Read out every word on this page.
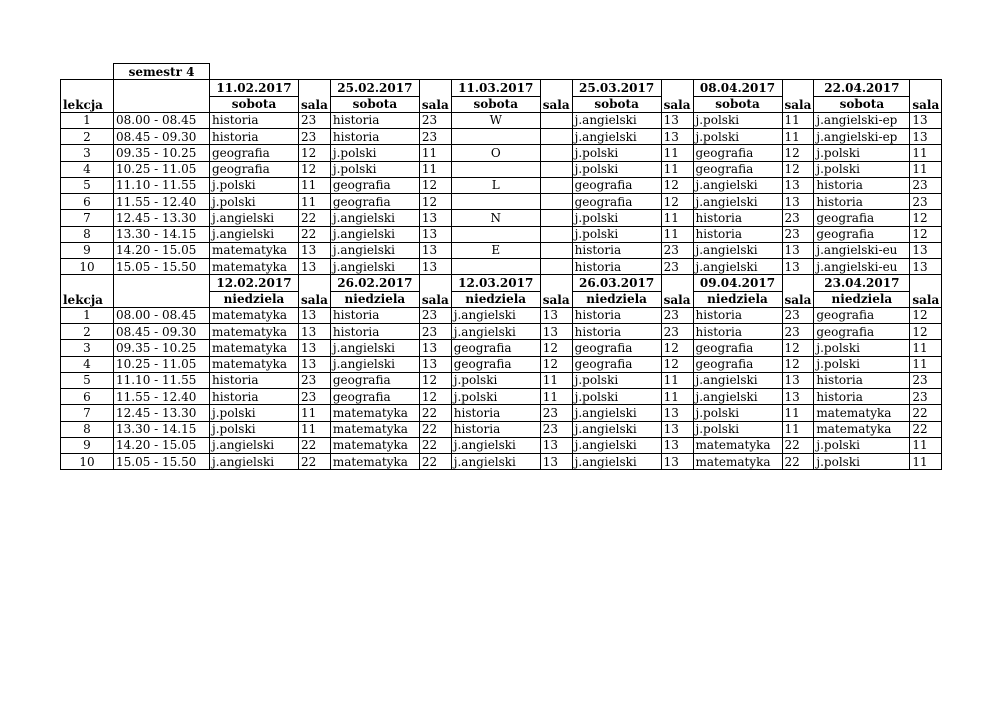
	semestr 4												
lekcja		11.02.2017	sala	25.02.2017	sala	11.03.2017	sala	25.03.2017	sala	08.04.2017	sala	22.04.2017	sala
		sobota		sobota		sobota		sobota		sobota		sobota	
1	08.00 - 08.45	historia	23	historia	23	W		j.angielski	13	j.polski	11	j.angielski-ep	13
2	08.45 - 09.30	historia	23	historia	23			j.angielski	13	j.polski	11	j.angielski-ep	13
3	09.35 - 10.25	geografia	12	j.polski	11	O		j.polski	11	geografia	12	j.polski	11
4	10.25 - 11.05	geografia	12	j.polski	11			j.polski	11	geografia	12	j.polski	11
5	11.10 - 11.55	j.polski	11	geografia	12	L		geografia	12	j.angielski	13	historia	23
6	11.55 - 12.40	j.polski	11	geografia	12			geografia	12	j.angielski	13	historia	23
7	12.45 - 13.30	j.angielski	22	j.angielski	13	N		j.polski	11	historia	23	geografia	12
8	13.30 - 14.15	j.angielski	22	j.angielski	13			j.polski	11	historia	23	geografia	12
9	14.20 - 15.05	matematyka	13	j.angielski	13	E		historia	23	j.angielski	13	j.angielski-eu	13
10	15.05 - 15.50	matematyka	13	j.angielski	13			historia	23	j.angielski	13	j.angielski-eu	13
lekcja		12.02.2017	sala	26.02.2017	sala	12.03.2017	sala	26.03.2017	sala	09.04.2017	sala	23.04.2017	sala
		niedziela		niedziela		niedziela		niedziela		niedziela		niedziela	
1	08.00 - 08.45	matematyka	13	historia	23	j.angielski	13	historia	23	historia	23	geografia	12
2	08.45 - 09.30	matematyka	13	historia	23	j.angielski	13	historia	23	historia	23	geografia	12
3	09.35 - 10.25	matematyka	13	j.angielski	13	geografia	12	geografia	12	geografia	12	j.polski	11
4	10.25 - 11.05	matematyka	13	j.angielski	13	geografia	12	geografia	12	geografia	12	j.polski	11
5	11.10 - 11.55	historia	23	geografia	12	j.polski	11	j.polski	11	j.angielski	13	historia	23
6	11.55 - 12.40	historia	23	geografia	12	j.polski	11	j.polski	11	j.angielski	13	historia	23
7	12.45 - 13.30	j.polski	11	matematyka	22	historia	23	j.angielski	13	j.polski	11	matematyka	22
8	13.30 - 14.15	j.polski	11	matematyka	22	historia	23	j.angielski	13	j.polski	11	matematyka	22
9	14.20 - 15.05	j.angielski	22	matematyka	22	j.angielski	13	j.angielski	13	matematyka	22	j.polski	11
10	15.05 - 15.50	j.angielski	22	matematyka	22	j.angielski	13	j.angielski	13	matematyka	22	j.polski	11
